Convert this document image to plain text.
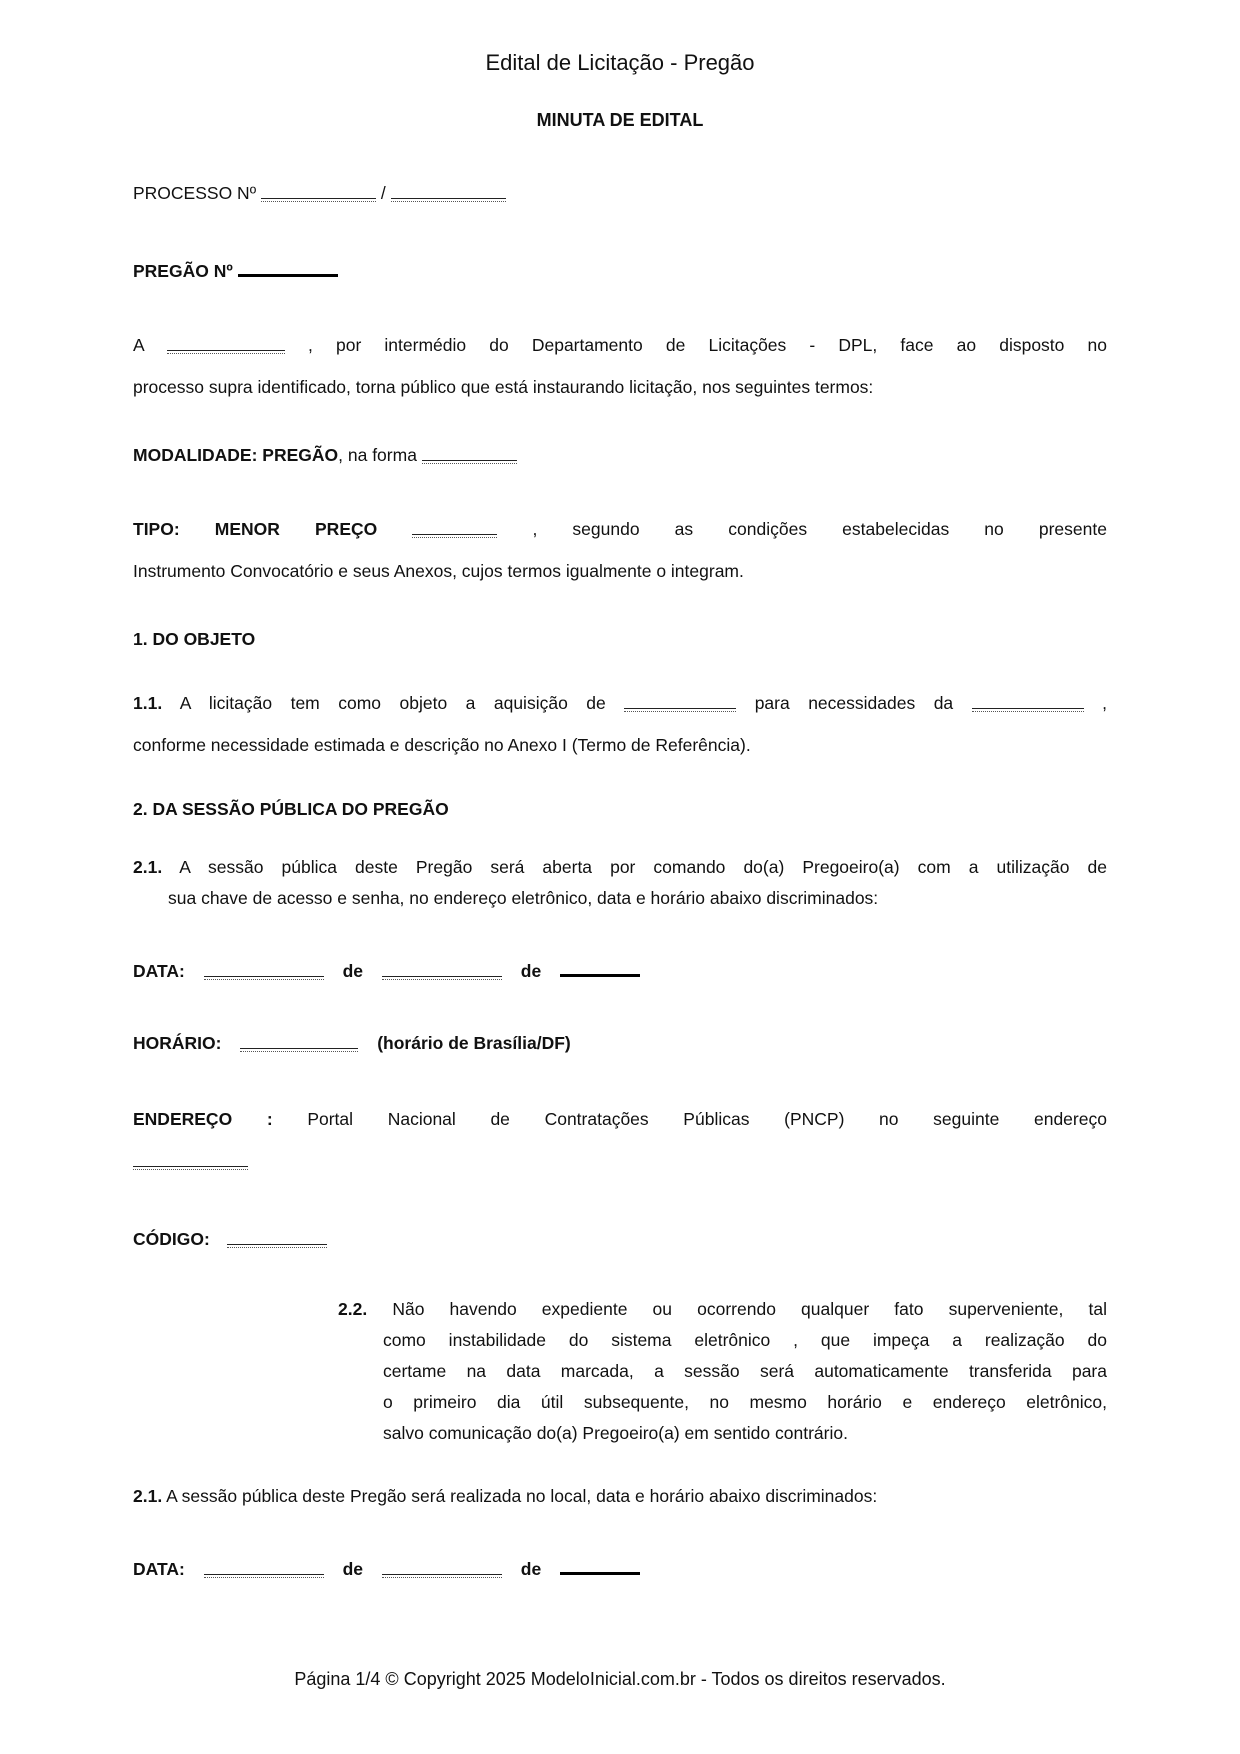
Edital de Licitação - Pregão
MINUTA DE EDITAL
PROCESSO Nº	/
PREGÃO Nº
A	, por intermédio do Departamento de Licitações - DPL, face ao disposto no
processo supra identificado, torna público que está instaurando licitação, nos seguintes termos:
MODALIDADE: PREGÃO, na forma
TIPO: MENOR PREÇO	, segundo as condições estabelecidas no presente
Instrumento Convocatório e seus Anexos, cujos termos igualmente o integram.
1. DO OBJETO
1.1. A licitação tem como objeto a aquisição de	para necessidades da	,
conforme necessidade estimada e descrição no Anexo I (Termo de Referência).
2. DA SESSÃO PÚBLICA DO PREGÃO
2.1. A sessão pública deste Pregão será aberta por comando do(a) Pregoeiro(a) com a utilização de
sua chave de acesso e senha, no endereço eletrônico, data e horário abaixo discriminados:
DATA:	de	de
HORÁRIO:	(horário de Brasília/DF)
ENDEREÇO : Portal Nacional de Contratações Públicas (PNCP) no seguinte endereço
CÓDIGO:
2.2. Não havendo expediente ou ocorrendo qualquer fato superveniente, tal
como instabilidade do sistema eletrônico , que impeça a realização do
certame na data marcada, a sessão será automaticamente transferida para
o primeiro dia útil subsequente, no mesmo horário e endereço eletrônico,
salvo comunicação do(a) Pregoeiro(a) em sentido contrário.
2.1. A sessão pública deste Pregão será realizada no local, data e horário abaixo discriminados:
DATA:	de	de
Página 1/4 © Copyright 2025 ModeloInicial.com.br - Todos os direitos reservados.
